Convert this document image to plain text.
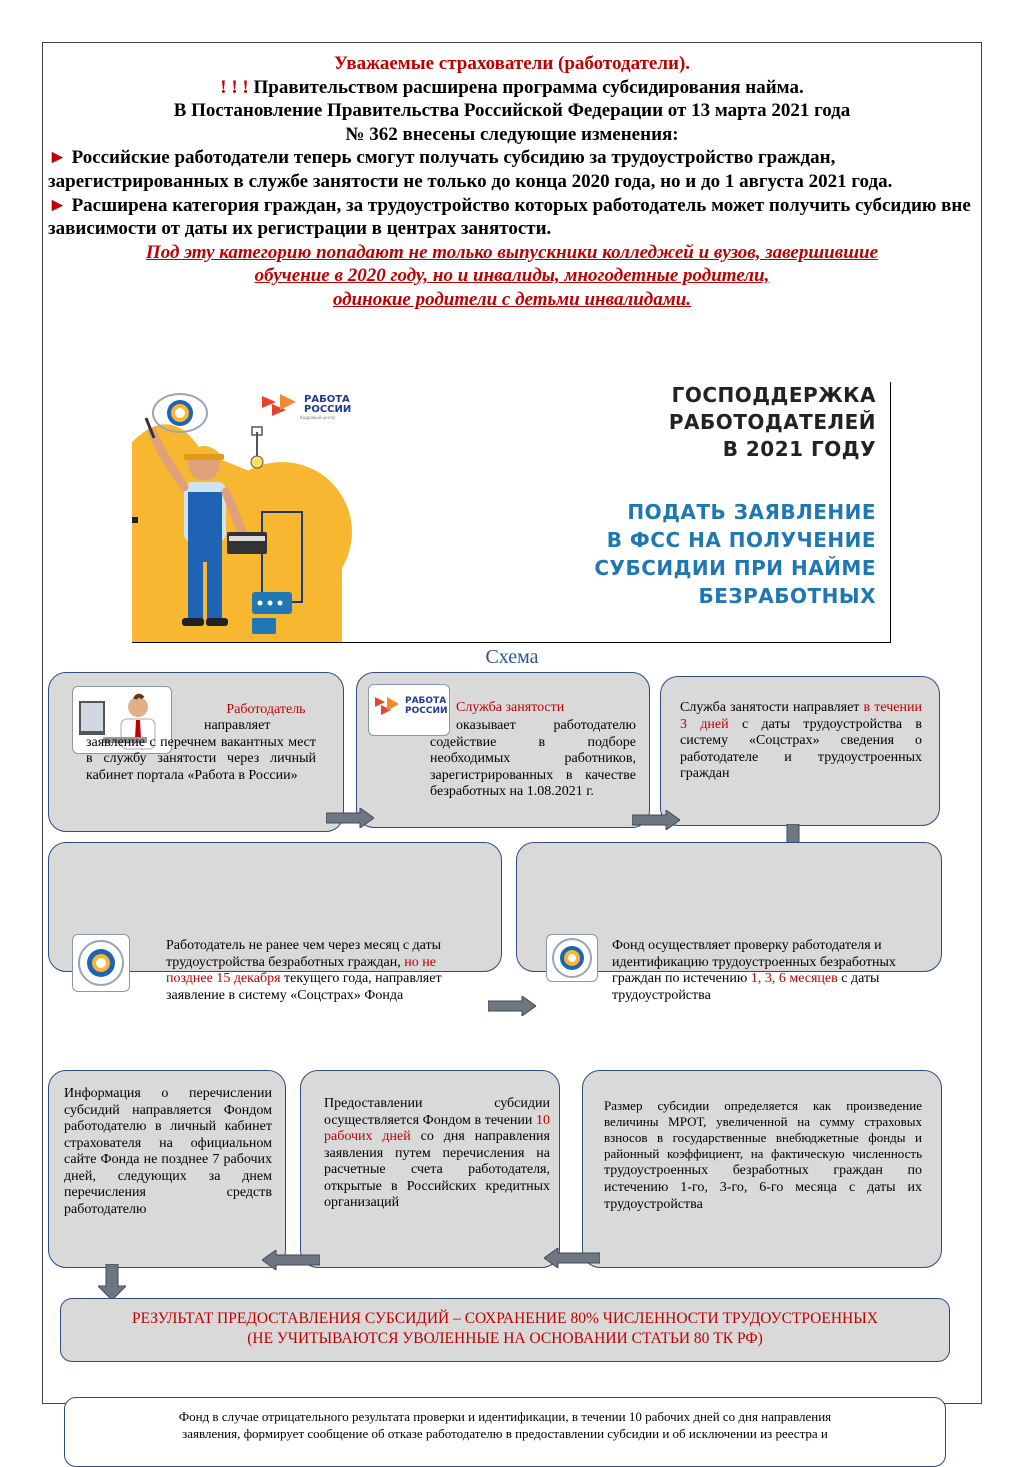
Уважаемые страхователи (работодатели).
! ! ! Правительством расширена программа субсидирования найма.
В Постановление Правительства Российской Федерации от 13 марта 2021 года
№ 362 внесены следующие изменения:
► Российские работодатели теперь смогут получать субсидию за трудоустройство граждан, зарегистрированных в службе занятости не только до конца 2020 года, но и до 1 августа 2021 года.
► Расширена категория граждан, за трудоустройство которых работодатель может получить субсидию вне зависимости от даты их регистрации в центрах занятости.
Под эту категорию попадают не только выпускники колледжей и вузов, завершившие
обучение в 2020 году, но и инвалиды, многодетные родители,
одинокие родители с детьми инвалидами.
РАБОТА
РОССИИ
Кадровый центр
ГОСПОДДЕРЖКА
РАБОТОДАТЕЛЕЙ
В 2021 ГОДУ
ПОДАТЬ ЗАЯВЛЕНИЕ
В ФСС НА ПОЛУЧЕНИЕ
СУБСИДИИ ПРИ НАЙМЕ
БЕЗРАБОТНЫХ
Схема
Работодатель
направляет заявление с перечнем вакантных мест в службу занятости через личный кабинет портала «Работа в России»
РАБОТА
РОССИИ Служба занятости
оказывает работодателю содействие в подборе необходимых работников, зарегистрированных в качестве безработных на 1.08.2021 г.
Служба занятости направляет в течении 3 дней с даты трудоустройства в систему «Соцстрах» сведения о работодателе и трудоустроенных граждан
Работодатель не ранее чем через месяц с даты трудоустройства безработных граждан, но не позднее 15 декабря текущего года, направляет заявление в систему «Соцстрах» Фонда
Фонд осуществляет проверку работодателя и идентификацию трудоустроенных безработных граждан по истечению 1, 3, 6 месяцев с даты трудоустройства
Информация о перечислении субсидий направляется Фондом работодателю в личный кабинет страхователя на официальном сайте Фонда не позднее 7 рабочих дней, следующих за днем перечисления средств работодателю
Предоставлении субсидии осуществляется Фондом в течении 10 рабочих дней со дня направления заявления путем перечисления на расчетные счета работодателя, открытые в Российских кредитных организаций
Размер субсидии определяется как произведение величины МРОТ, увеличенной на сумму страховых взносов в государственные внебюджетные фонды и районный коэффициент, на фактическую численность трудоустроенных безработных граждан по истечению 1-го, 3-го, 6-го месяца с даты их трудоустройства
РЕЗУЛЬТАТ ПРЕДОСТАВЛЕНИЯ СУБСИДИЙ – СОХРАНЕНИЕ 80% ЧИСЛЕННОСТИ ТРУДОУСТРОЕННЫХ
(НЕ УЧИТЫВАЮТСЯ УВОЛЕННЫЕ НА ОСНОВАНИИ СТАТЬИ 80 ТК РФ)
Фонд в случае отрицательного результата проверки и идентификации, в течении 10 рабочих дней со дня направления
заявления, формирует сообщение об отказе работодателю в предоставлении субсидии и об исключении из реестра и
